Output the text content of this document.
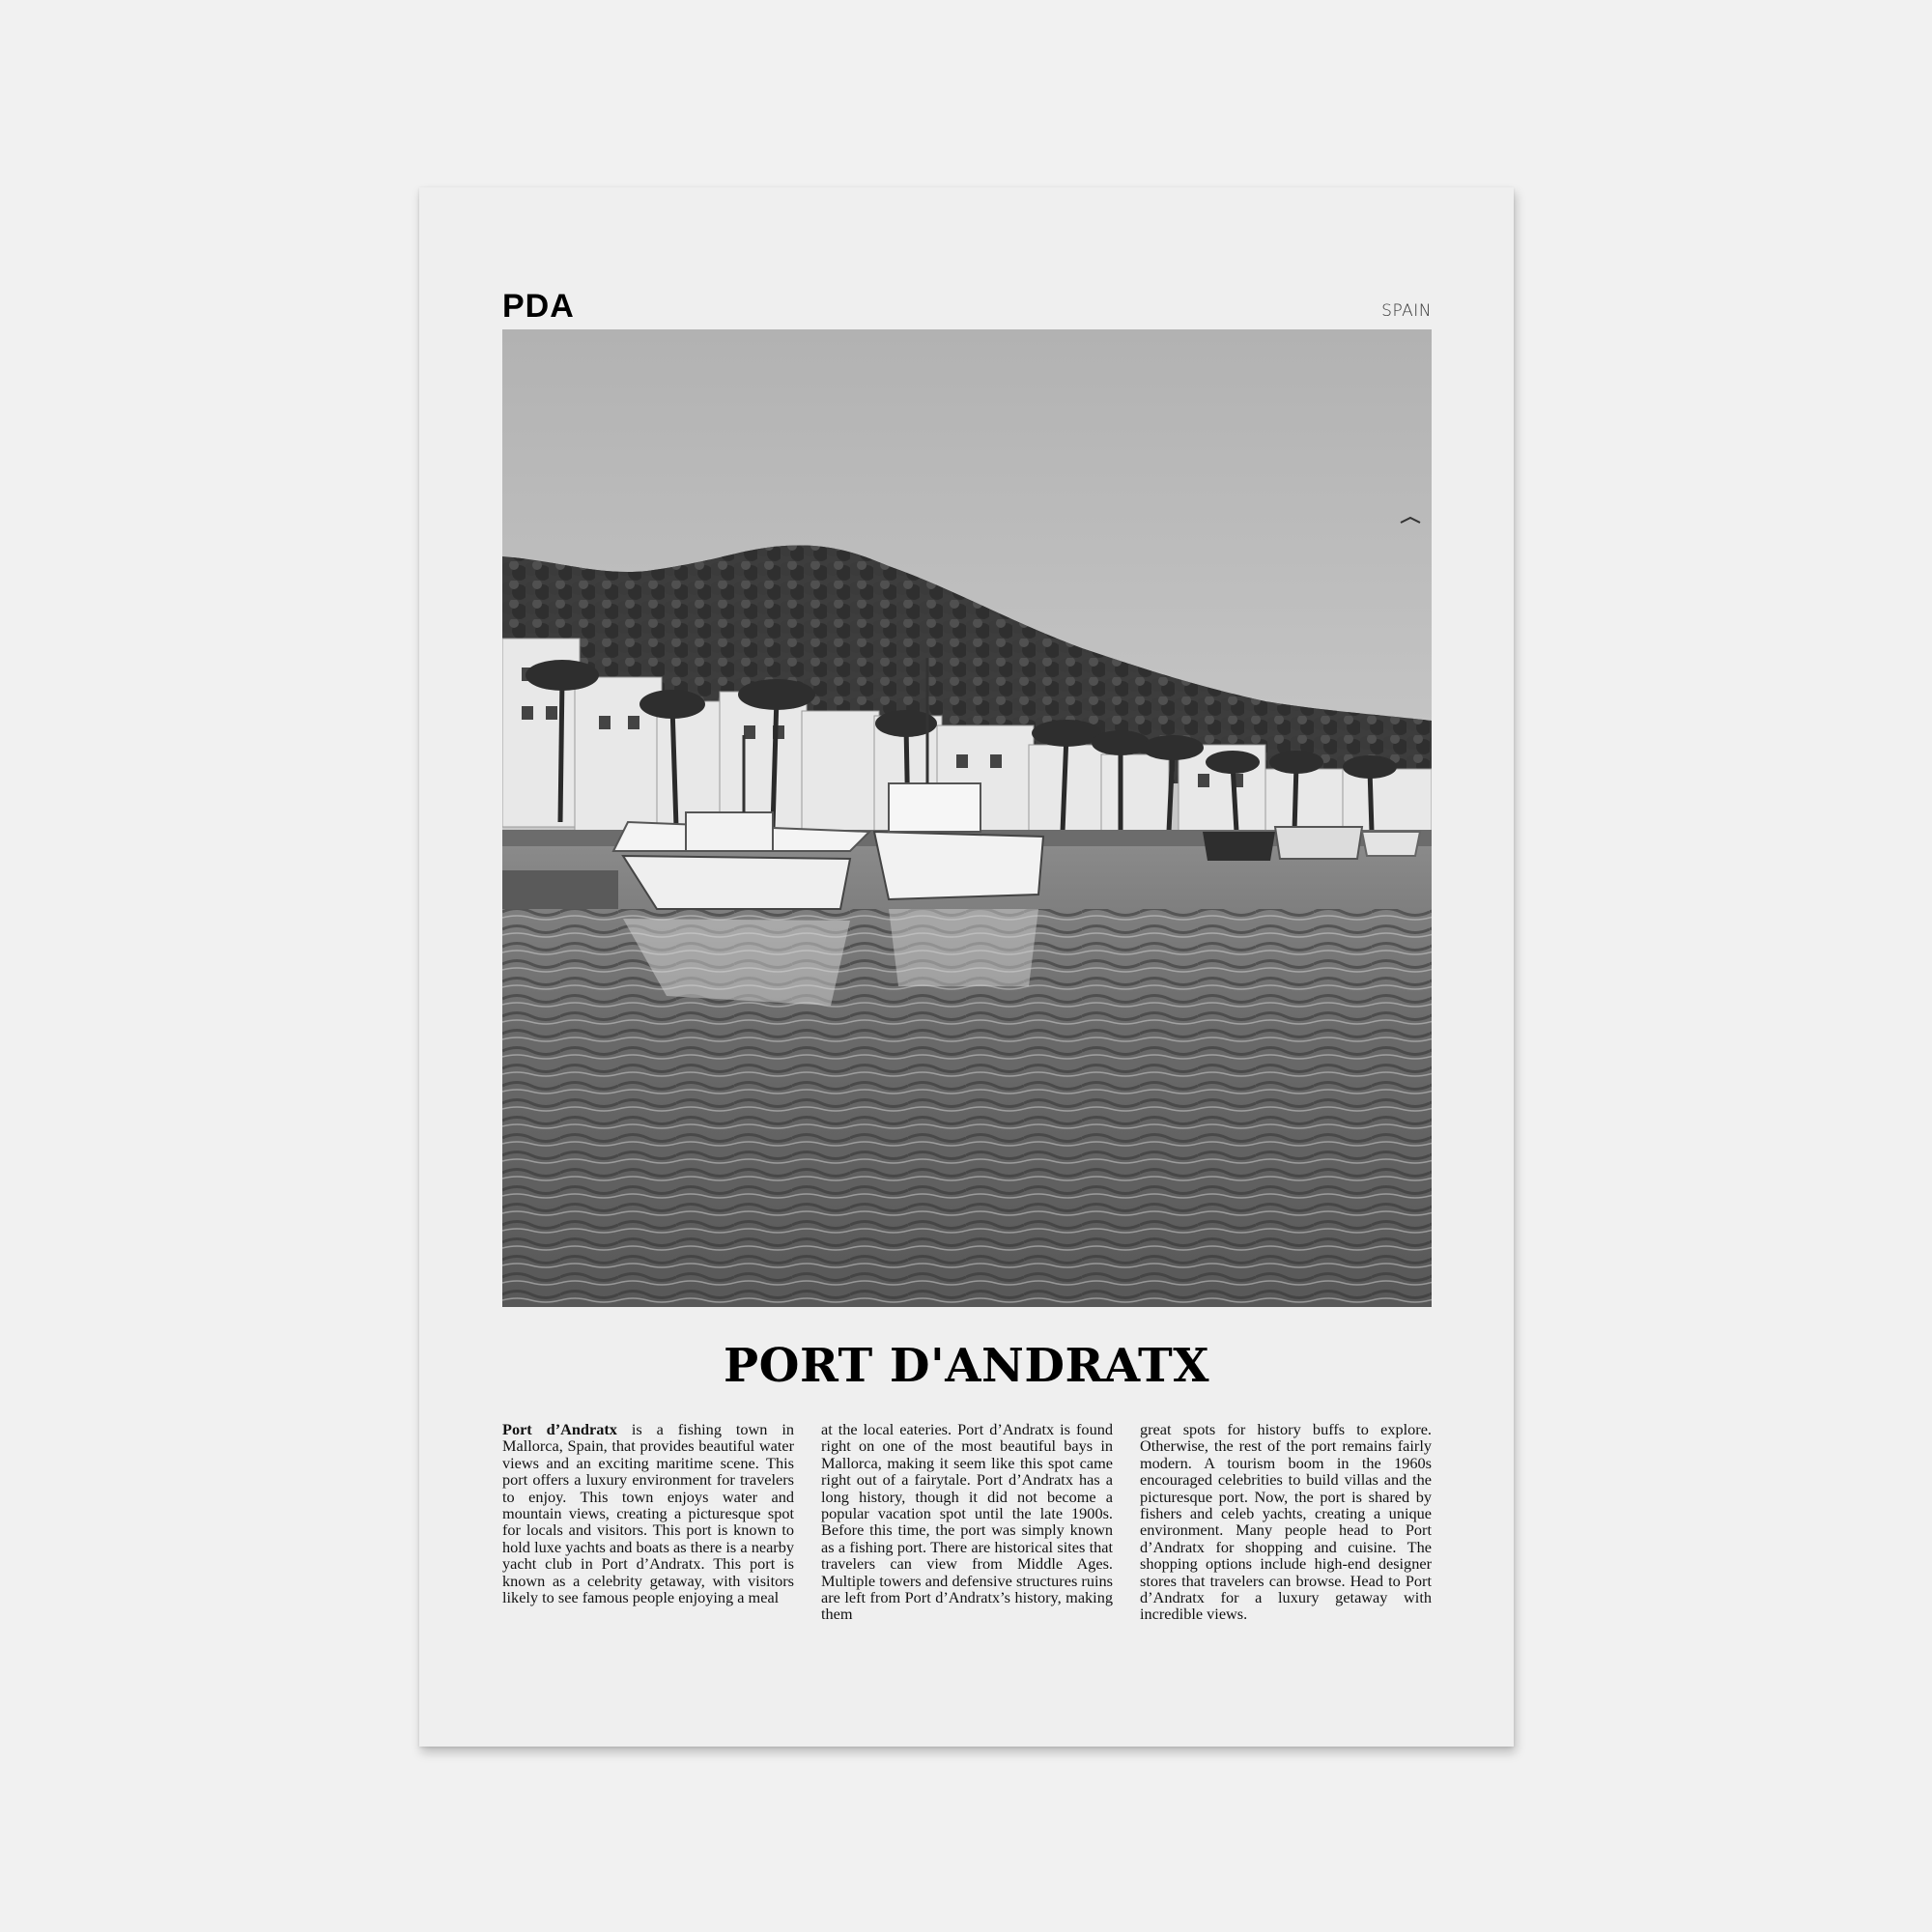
PDA	SPAIN
PORT D'ANDRATX
Port d’Andratx is a fishing town in Mallorca, Spain, that provides beautiful water views and an exciting maritime scene. This port offers a luxury environment for travelers to enjoy. This town enjoys water and mountain views, creating a picturesque spot for locals and visitors. This port is known to hold luxe yachts and boats as there is a nearby yacht club in Port d’Andratx. This port is known as a celebrity getaway, with visitors likely to see famous people enjoying a meal
at the local eateries. Port d’Andratx is found right on one of the most beautiful bays in Mallorca, making it seem like this spot came right out of a fairytale. Port d’Andratx has a long history, though it did not become a popular vacation spot until the late 1900s. Before this time, the port was simply known as a fishing port. There are historical sites that travelers can view from Middle Ages. Multiple towers and defensive structures ruins are left from Port d’Andratx’s history, making them
great spots for history buffs to explore. Otherwise, the rest of the port remains fairly modern. A tourism boom in the 1960s encouraged celebrities to build villas and the picturesque port. Now, the port is shared by fishers and celeb yachts, creating a unique environment. Many people head to Port d’Andratx for shopping and cuisine. The shopping options include high-end designer stores that travelers can browse. Head to Port d’Andratx for a luxury getaway with incredible views.
